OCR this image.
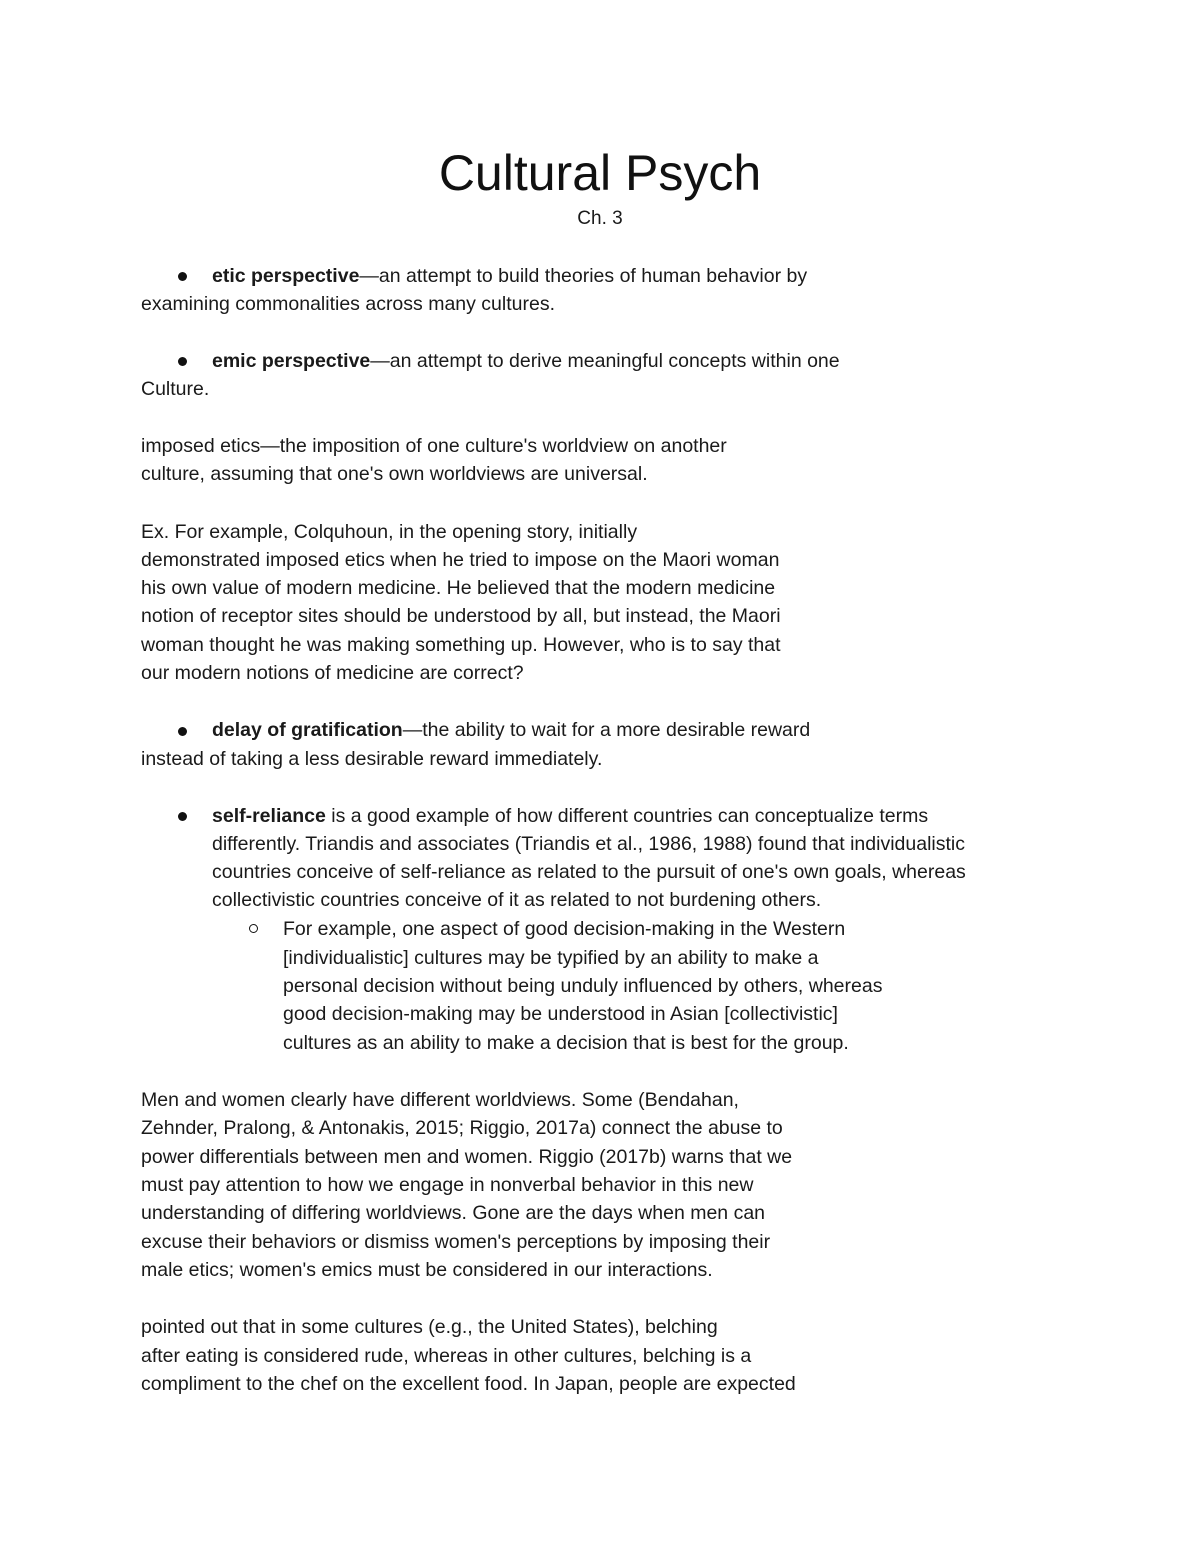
Cultural Psych
Ch. 3
etic perspective—an attempt to build theories of human behavior by
examining commonalities across many cultures.
emic perspective—an attempt to derive meaningful concepts within one
Culture.
imposed etics—the imposition of one culture's worldview on another
culture, assuming that one's own worldviews are universal.
Ex. For example, Colquhoun, in the opening story, initially
demonstrated imposed etics when he tried to impose on the Maori woman
his own value of modern medicine. He believed that the modern medicine
notion of receptor sites should be understood by all, but instead, the Maori
woman thought he was making something up. However, who is to say that
our modern notions of medicine are correct?
delay of gratification—the ability to wait for a more desirable reward
instead of taking a less desirable reward immediately.
self-reliance is a good example of how different countries can conceptualize terms
differently. Triandis and associates (Triandis et al., 1986, 1988) found that individualistic
countries conceive of self-reliance as related to the pursuit of one's own goals, whereas
collectivistic countries conceive of it as related to not burdening others.
For example, one aspect of good decision-making in the Western
[individualistic] cultures may be typified by an ability to make a
personal decision without being unduly influenced by others, whereas
good decision-making may be understood in Asian [collectivistic]
cultures as an ability to make a decision that is best for the group.
Men and women clearly have different worldviews. Some (Bendahan,
Zehnder, Pralong, & Antonakis, 2015; Riggio, 2017a) connect the abuse to
power differentials between men and women. Riggio (2017b) warns that we
must pay attention to how we engage in nonverbal behavior in this new
understanding of differing worldviews. Gone are the days when men can
excuse their behaviors or dismiss women's perceptions by imposing their
male etics; women's emics must be considered in our interactions.
pointed out that in some cultures (e.g., the United States), belching
after eating is considered rude, whereas in other cultures, belching is a
compliment to the chef on the excellent food. In Japan, people are expected
